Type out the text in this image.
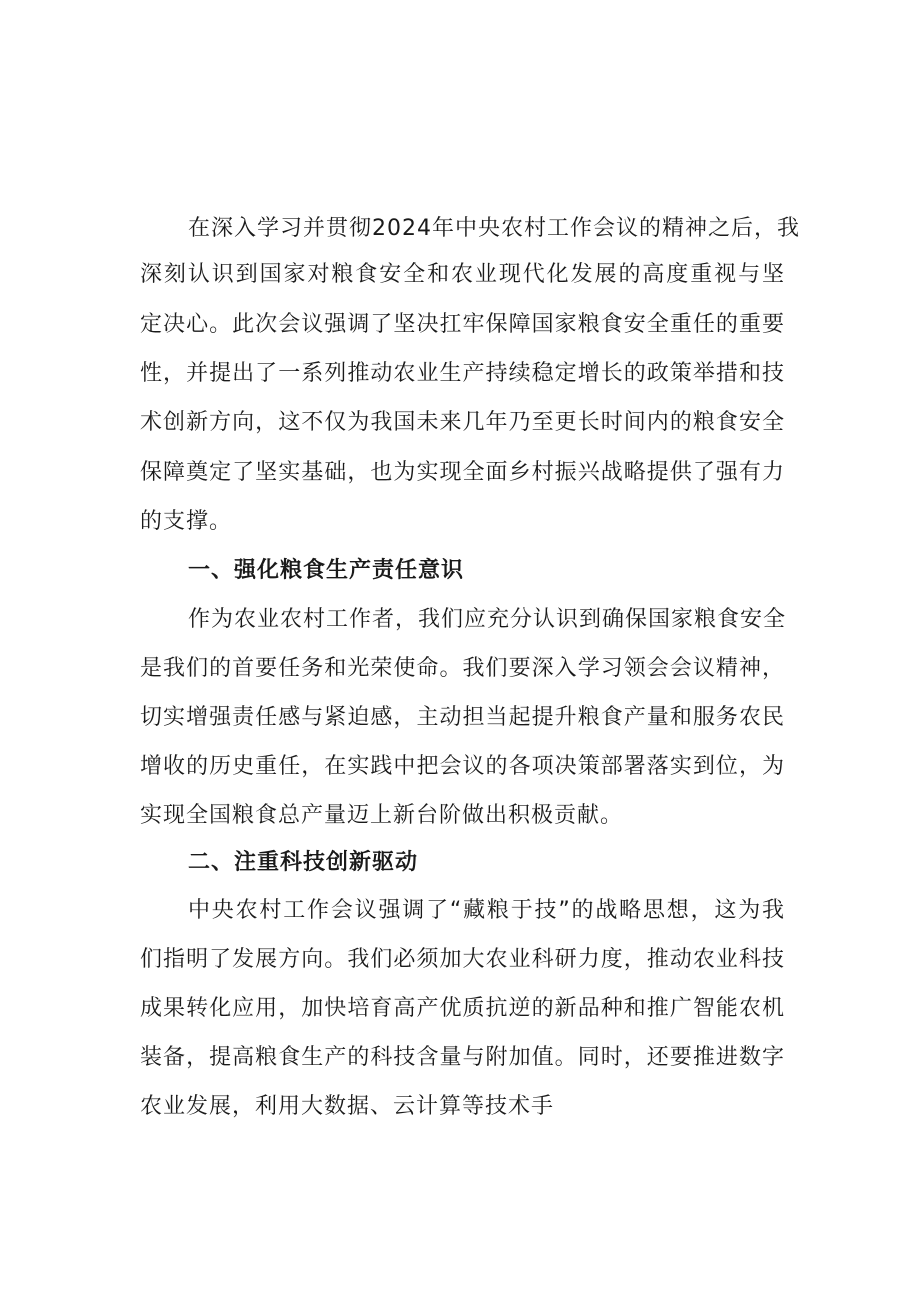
在深入学习并贯彻2024年中央农村工作会议的精神之后，我
深刻认识到国家对粮食安全和农业现代化发展的高度重视与坚
定决心。此次会议强调了坚决扛牢保障国家粮食安全重任的重要
性，并提出了一系列推动农业生产持续稳定增长的政策举措和技
术创新方向，这不仅为我国未来几年乃至更长时间内的粮食安全
保障奠定了坚实基础，也为实现全面乡村振兴战略提供了强有力
的支撑。
一、强化粮食生产责任意识
作为农业农村工作者，我们应充分认识到确保国家粮食安全
是我们的首要任务和光荣使命。我们要深入学习领会会议精神，
切实增强责任感与紧迫感，主动担当起提升粮食产量和服务农民
增收的历史重任，在实践中把会议的各项决策部署落实到位，为
实现全国粮食总产量迈上新台阶做出积极贡献。
二、注重科技创新驱动
中央农村工作会议强调了“藏粮于技”的战略思想，这为我
们指明了发展方向。我们必须加大农业科研力度，推动农业科技
成果转化应用，加快培育高产优质抗逆的新品种和推广智能农机
装备，提高粮食生产的科技含量与附加值。同时，还要推进数字
农业发展，利用大数据、云计算等技术手
